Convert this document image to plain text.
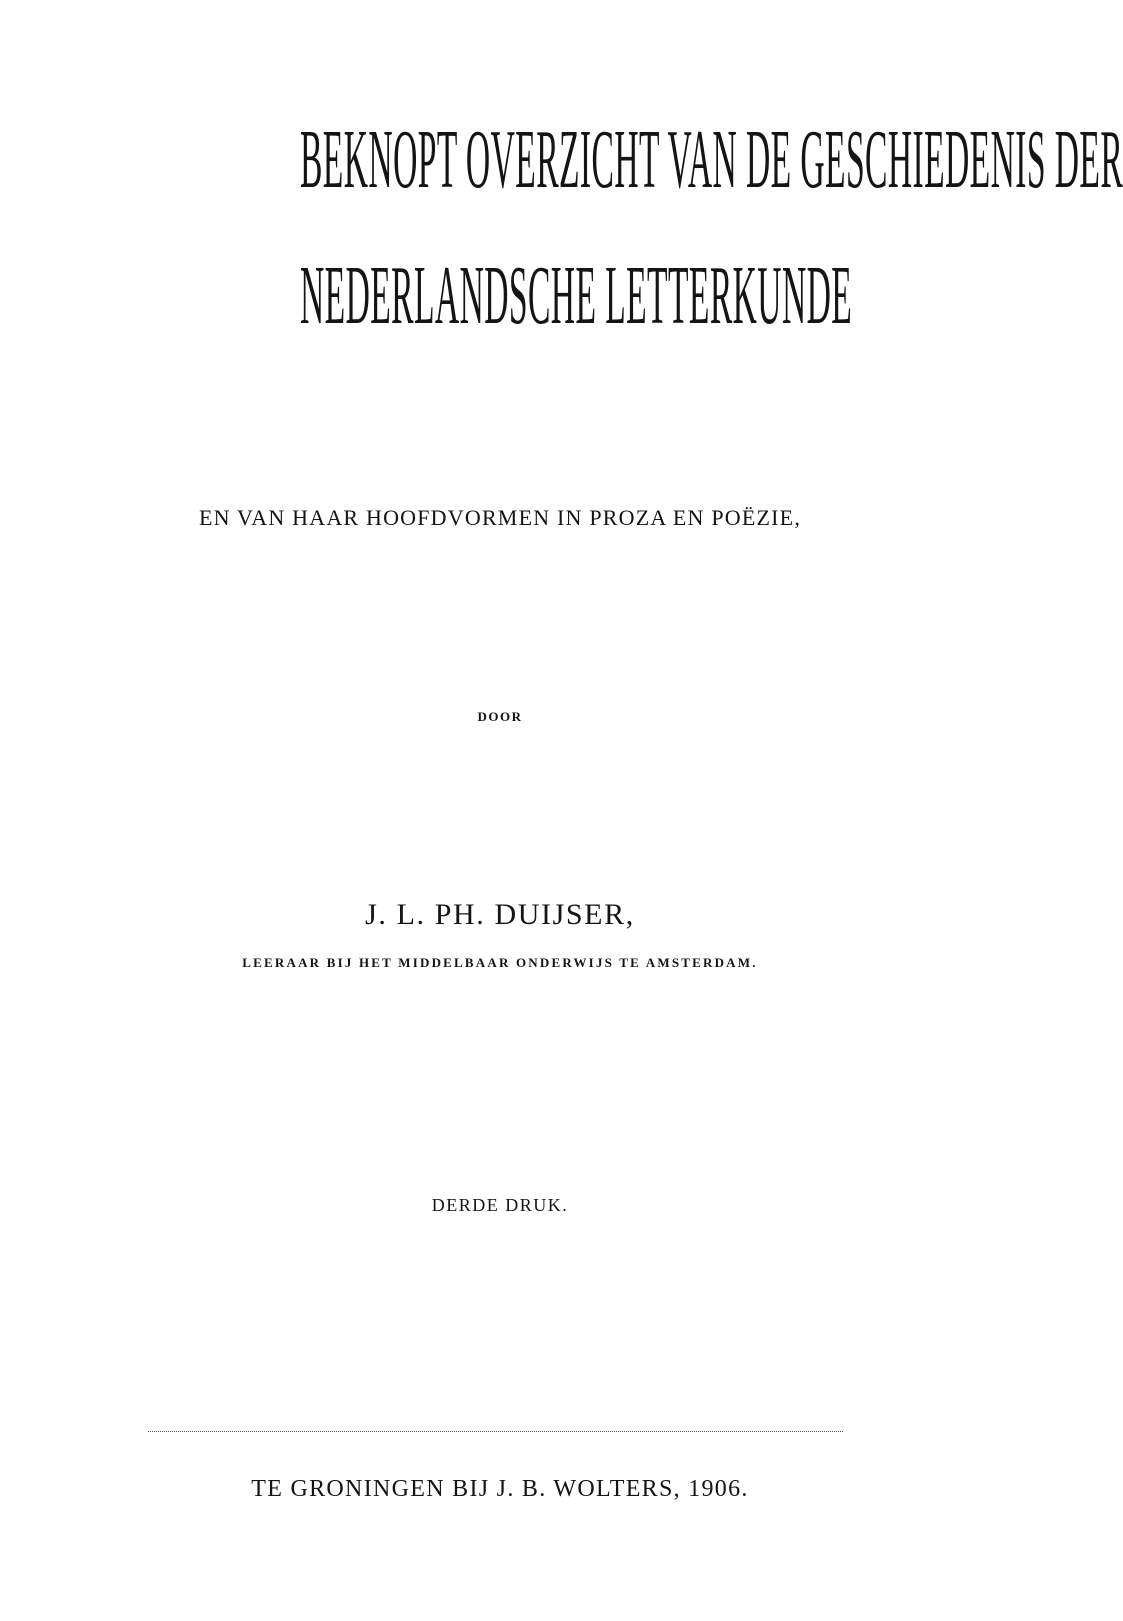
BEKNOPT OVERZICHT VAN DE GESCHIEDENIS DER
NEDERLANDSCHE LETTERKUNDE
EN VAN HAAR HOOFDVORMEN IN PROZA EN POËZIE,
DOOR
J. L. PH. DUIJSER,
LEERAAR BIJ HET MIDDELBAAR ONDERWIJS TE AMSTERDAM.
DERDE DRUK.
TE GRONINGEN BIJ J. B. WOLTERS, 1906.
